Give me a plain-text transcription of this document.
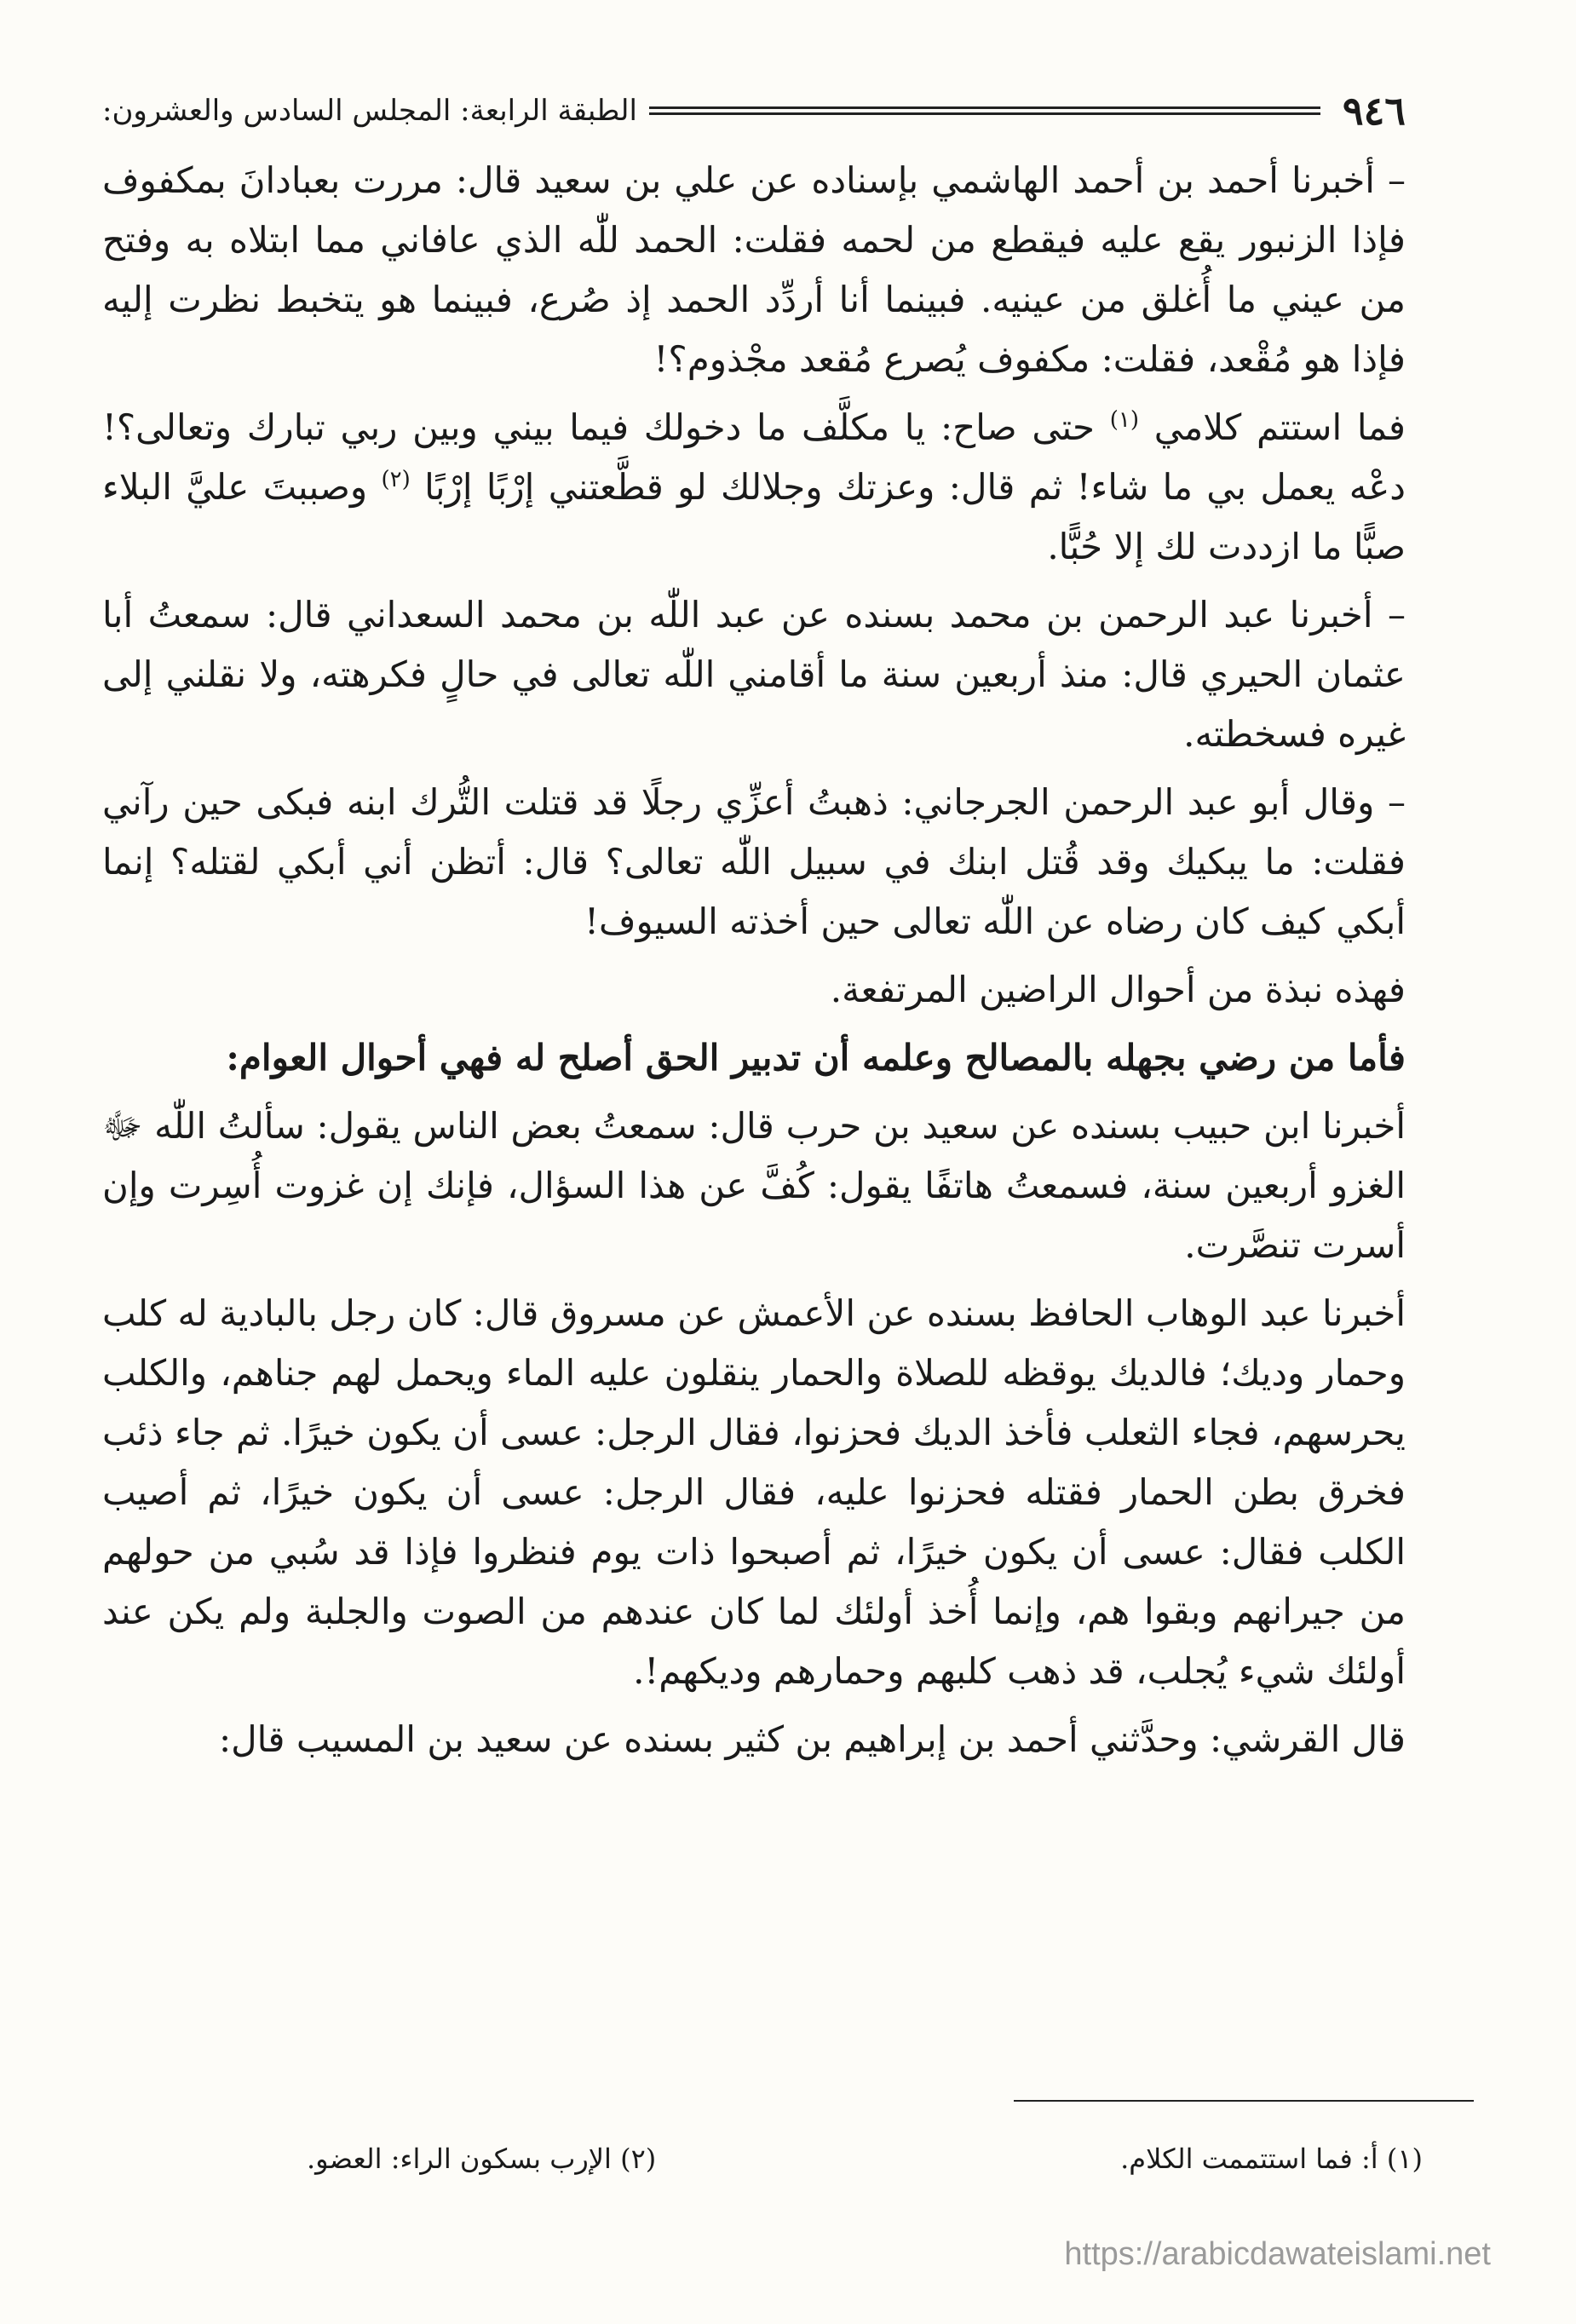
٩٤٦
الطبقة الرابعة: المجلس السادس والعشرون:

– أخبرنا أحمد بن أحمد الهاشمي بإسناده عن علي بن سعيد قال: مررت بعبادانَ بمكفوف فإذا الزنبور يقع عليه فيقطع من لحمه فقلت: الحمد للّٰه الذي عافاني مما ابتلاه به وفتح من عيني ما أُغلق من عينيه. فبينما أنا أردِّد الحمد إذ صُرع، فبينما هو يتخبط نظرت إليه فإذا هو مُقْعد، فقلت: مكفوف يُصرع مُقعد مجْذوم؟!

فما استتم كلامي $^{(١)}$ حتى صاح: يا مكلَّف ما دخولك فيما بيني وبين ربي تبارك وتعالى؟! دعْه يعمل بي ما شاء! ثم قال: وعزتك وجلالك لو قطَّعتني إرْبًا إرْبًا $^{(٢)}$ وصببتَ عليَّ البلاء صبًّا ما ازددت لك إلا حُبًّا.

– أخبرنا عبد الرحمن بن محمد بسنده عن عبد اللّٰه بن محمد السعداني قال: سمعتُ أبا عثمان الحيري قال: منذ أربعين سنة ما أقامني اللّٰه تعالى في حالٍ فكرهته، ولا نقلني إلى غيره فسخطته.

– وقال أبو عبد الرحمن الجرجاني: ذهبتُ أعزِّي رجلًا قد قتلت التُّرك ابنه فبكى حين رآني فقلت: ما يبكيك وقد قُتل ابنك في سبيل اللّٰه تعالى؟ قال: أتظن أني أبكي لقتله؟ إنما أبكي كيف كان رضاه عن اللّٰه تعالى حين أخذته السيوف!

فهذه نبذة من أحوال الراضين المرتفعة.

فأما من رضي بجهله بالمصالح وعلمه أن تدبير الحق أصلح له فهي أحوال العوام:

أخبرنا ابن حبيب بسنده عن سعيد بن حرب قال: سمعتُ بعض الناس يقول: سألتُ اللّٰه ﷻ الغزو أربعين سنة، فسمعتُ هاتفًا يقول: كُفَّ عن هذا السؤال، فإنك إن غزوت أُسِرت وإن أسرت تنصَّرت.

أخبرنا عبد الوهاب الحافظ بسنده عن الأعمش عن مسروق قال: كان رجل بالبادية له كلب وحمار وديك؛ فالديك يوقظه للصلاة والحمار ينقلون عليه الماء ويحمل لهم جناهم، والكلب يحرسهم، فجاء الثعلب فأخذ الديك فحزنوا، فقال الرجل: عسى أن يكون خيرًا. ثم جاء ذئب فخرق بطن الحمار فقتله فحزنوا عليه، فقال الرجل: عسى أن يكون خيرًا، ثم أصيب الكلب فقال: عسى أن يكون خيرًا، ثم أصبحوا ذات يوم فنظروا فإذا قد سُبي من حولهم من جيرانهم وبقوا هم، وإنما أُخذ أولئك لما كان عندهم من الصوت والجلبة ولم يكن عند أولئك شيء يُجلب، قد ذهب كلبهم وحمارهم وديكهم!.

قال القرشي: وحدَّثني أحمد بن إبراهيم بن كثير بسنده عن سعيد بن المسيب قال:

(١) أ: فما استتممت الكلام.
(٢) الإرب بسكون الراء: العضو.
https://arabicdawateislami.net
